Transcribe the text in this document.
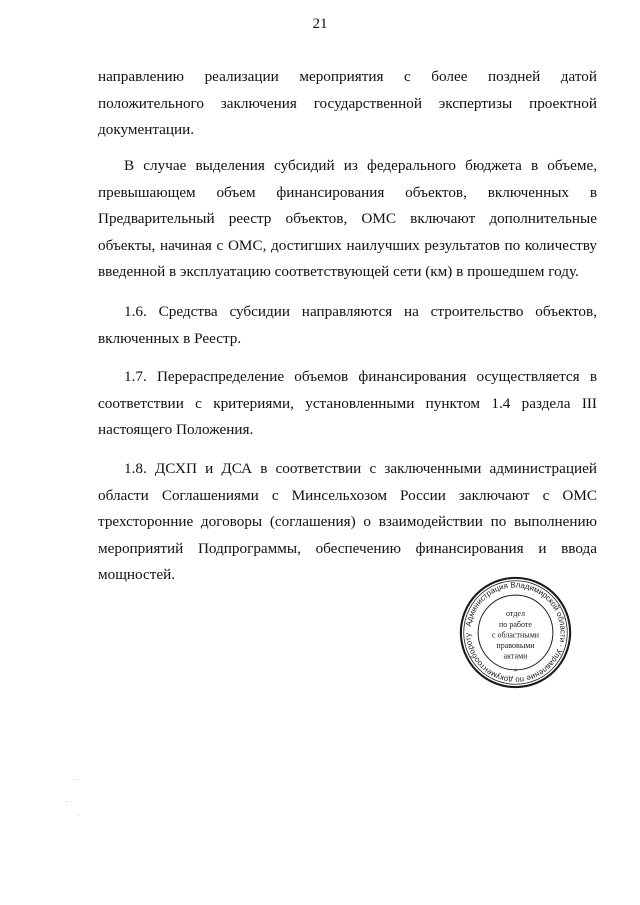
21
направлению реализации мероприятия с более поздней датой
положительного заключения государственной экспертизы проектной
документации.
В случае выделения субсидий из федерального бюджета в объеме,
превышающем объем финансирования объектов, включенных в
Предварительный реестр объектов, ОМС включают дополнительные
объекты, начиная с ОМС, достигших наилучших результатов по количеству
введенной в эксплуатацию соответствующей сети (км) в прошедшем году.
1.6. Средства субсидии направляются на строительство объектов,
включенных в Реестр.
1.7. Перераспределение объемов финансирования осуществляется в
соответствии с критериями, установленными пунктом 1.4 раздела III
настоящего Положения.
1.8. ДСХП и ДСА в соответствии с заключенными администрацией
области Соглашениями с Минсельхозом России заключают с ОМС
трехсторонние договоры (соглашения) о взаимодействии по выполнению
мероприятий Подпрограммы, обеспечению финансирования и ввода
мощностей.
Администрация Владимирской области · Управление по документообороту
отдел
по работе
с областными
правовыми
актами
*
· ·
· ·
·
